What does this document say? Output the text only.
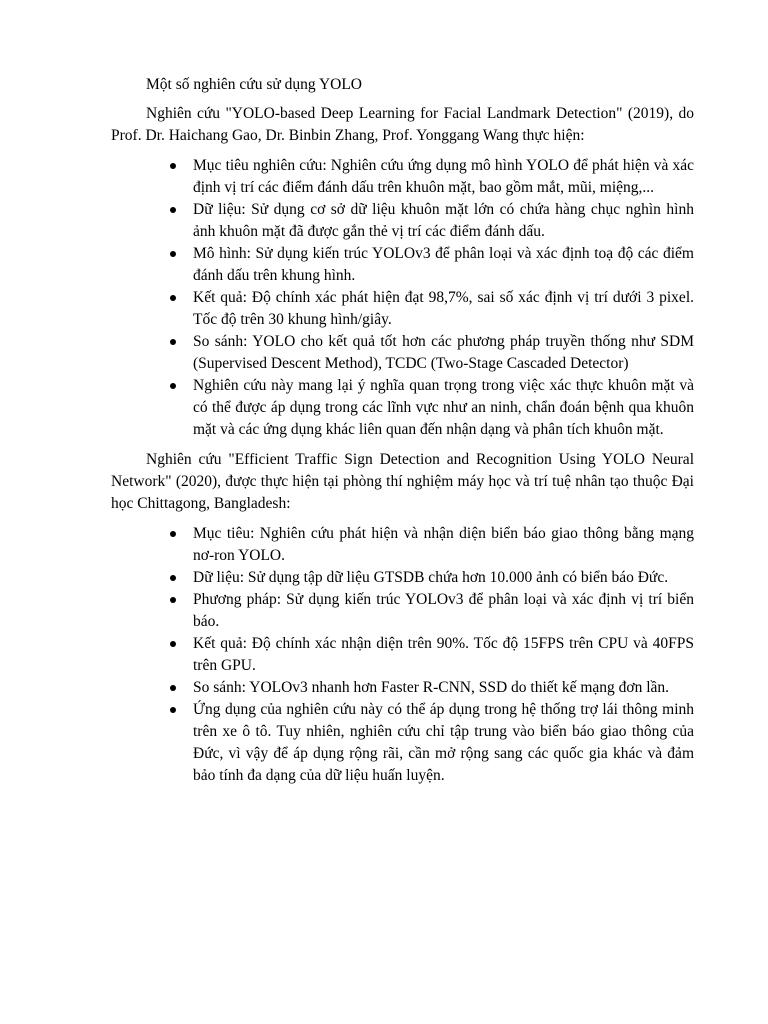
Một số nghiên cứu sử dụng YOLO

Nghiên cứu "YOLO-based Deep Learning for Facial Landmark Detection" (2019), do Prof. Dr. Haichang Gao, Dr. Binbin Zhang, Prof. Yonggang Wang thực hiện:

Mục tiêu nghiên cứu: Nghiên cứu ứng dụng mô hình YOLO để phát hiện và xác định vị trí các điểm đánh dấu trên khuôn mặt, bao gồm mắt, mũi, miệng,...
Dữ liệu: Sử dụng cơ sở dữ liệu khuôn mặt lớn có chứa hàng chục nghìn hình ảnh khuôn mặt đã được gắn thẻ vị trí các điểm đánh dấu.
Mô hình: Sử dụng kiến trúc YOLOv3 để phân loại và xác định toạ độ các điểm đánh dấu trên khung hình.
Kết quả: Độ chính xác phát hiện đạt 98,7%, sai số xác định vị trí dưới 3 pixel. Tốc độ trên 30 khung hình/giây.
So sánh: YOLO cho kết quả tốt hơn các phương pháp truyền thống như SDM (Supervised Descent Method), TCDC (Two-Stage Cascaded Detector)
Nghiên cứu này mang lại ý nghĩa quan trọng trong việc xác thực khuôn mặt và có thể được áp dụng trong các lĩnh vực như an ninh, chẩn đoán bệnh qua khuôn mặt và các ứng dụng khác liên quan đến nhận dạng và phân tích khuôn mặt.

Nghiên cứu "Efficient Traffic Sign Detection and Recognition Using YOLO Neural Network" (2020), được thực hiện tại phòng thí nghiệm máy học và trí tuệ nhân tạo thuộc Đại học Chittagong, Bangladesh:

Mục tiêu: Nghiên cứu phát hiện và nhận diện biển báo giao thông bằng mạng nơ-ron YOLO.
Dữ liệu: Sử dụng tập dữ liệu GTSDB chứa hơn 10.000 ảnh có biển báo Đức.
Phương pháp: Sử dụng kiến trúc YOLOv3 để phân loại và xác định vị trí biển báo.
Kết quả: Độ chính xác nhận diện trên 90%. Tốc độ 15FPS trên CPU và 40FPS trên GPU.
So sánh: YOLOv3 nhanh hơn Faster R-CNN, SSD do thiết kế mạng đơn lần.
Ứng dụng của nghiên cứu này có thể áp dụng trong hệ thống trợ lái thông minh trên xe ô tô. Tuy nhiên, nghiên cứu chỉ tập trung vào biển báo giao thông của Đức, vì vậy để áp dụng rộng rãi, cần mở rộng sang các quốc gia khác và đảm bảo tính đa dạng của dữ liệu huấn luyện.
